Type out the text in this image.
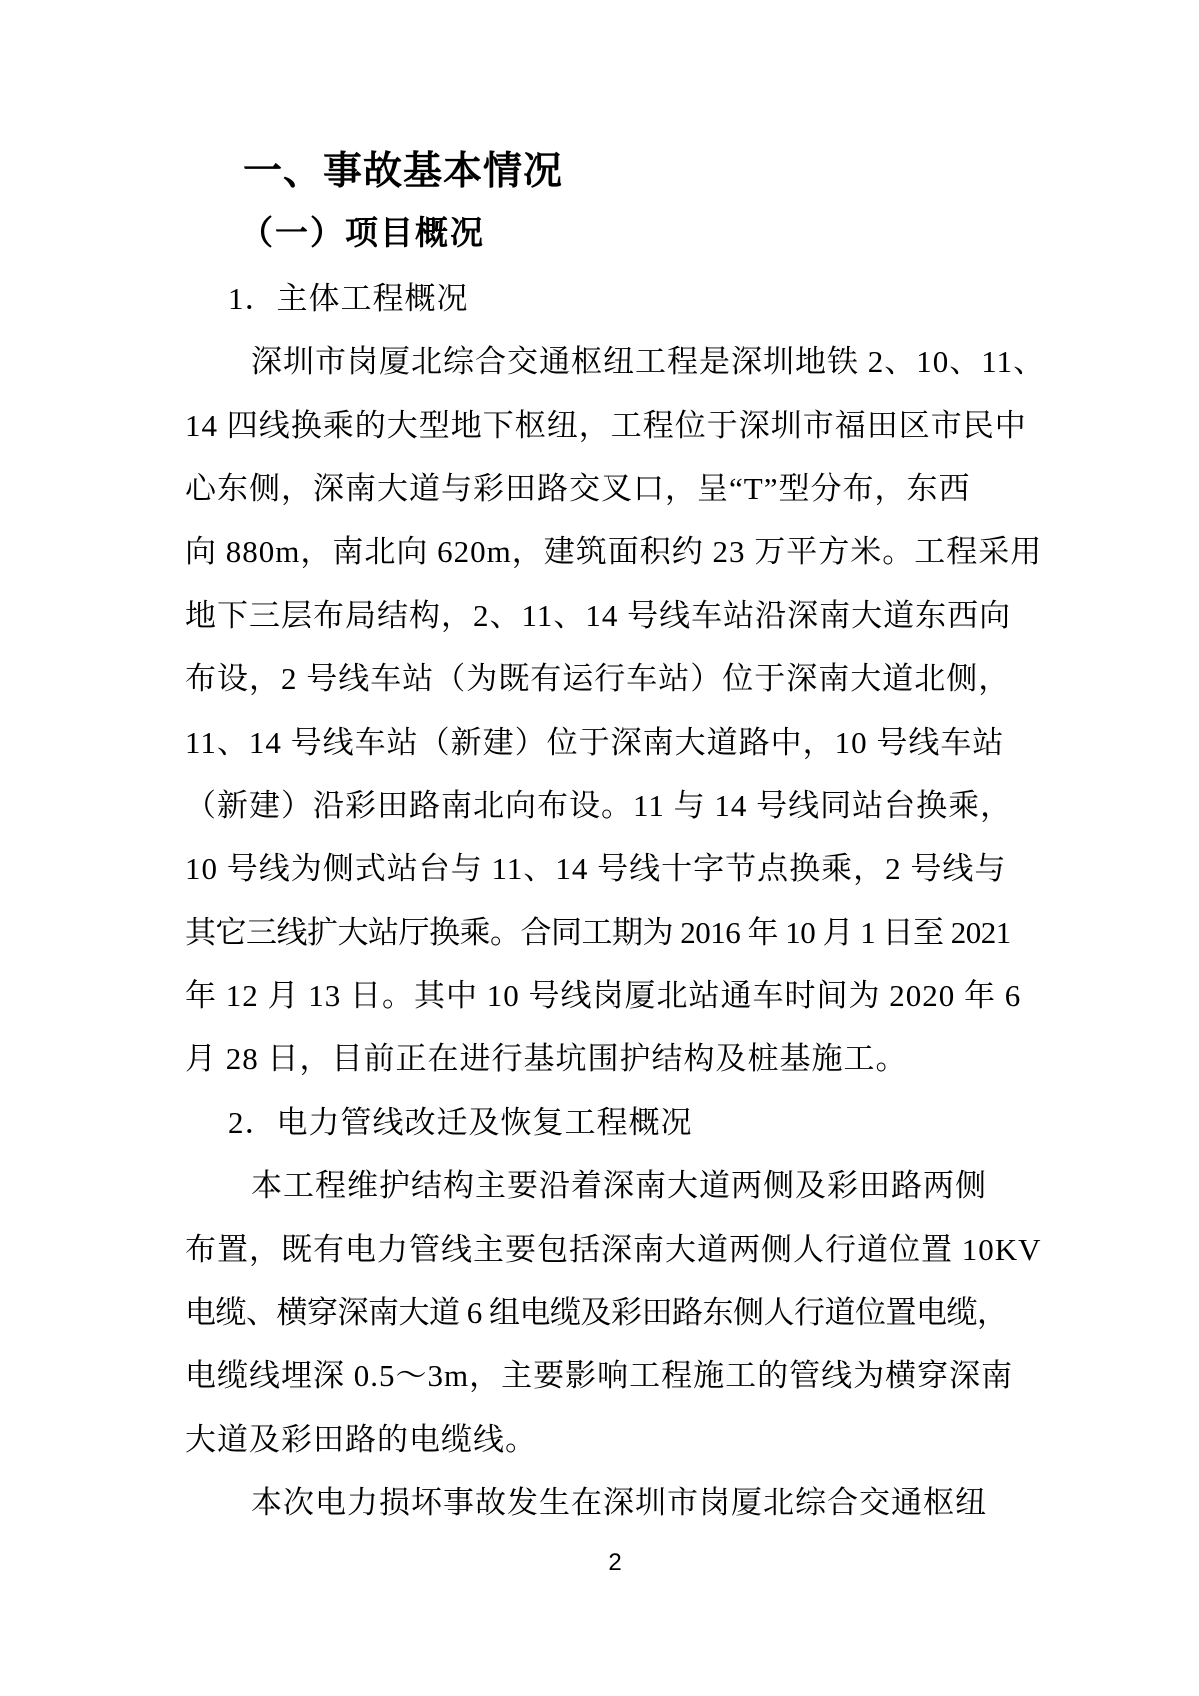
一、事故基本情况
（一）项目概况
1．主体工程概况
深圳市岗厦北综合交通枢纽工程是深圳地铁 2、10、11、
14 四线换乘的大型地下枢纽，工程位于深圳市福田区市民中
心东侧，深南大道与彩田路交叉口，呈“T”型分布，东西
向 880m，南北向 620m，建筑面积约 23 万平方米。工程采用
地下三层布局结构，2、11、14 号线车站沿深南大道东西向
布设，2 号线车站（为既有运行车站）位于深南大道北侧，
11、14 号线车站（新建）位于深南大道路中，10 号线车站
（新建）沿彩田路南北向布设。11 与 14 号线同站台换乘，
10 号线为侧式站台与 11、14 号线十字节点换乘，2 号线与
其它三线扩大站厅换乘。合同工期为 2016 年 10 月 1 日至 2021
年 12 月 13 日。其中 10 号线岗厦北站通车时间为 2020 年 6
月 28 日，目前正在进行基坑围护结构及桩基施工。
2．电力管线改迁及恢复工程概况
本工程维护结构主要沿着深南大道两侧及彩田路两侧
布置，既有电力管线主要包括深南大道两侧人行道位置 10KV
电缆、横穿深南大道 6 组电缆及彩田路东侧人行道位置电缆，
电缆线埋深 0.5～3m，主要影响工程施工的管线为横穿深南
大道及彩田路的电缆线。
本次电力损坏事故发生在深圳市岗厦北综合交通枢纽
2
